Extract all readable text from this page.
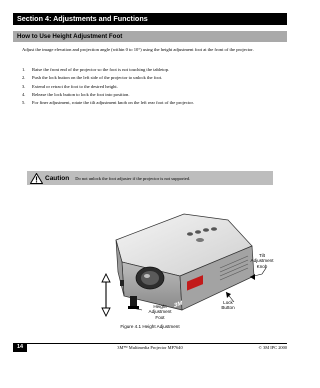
Section 4: Adjustments and Functions
How to Use Height Adjustment Foot
Adjust the image elevation and projection angle (within 0 to 10°) using the height adjustment foot at the front of the projector.
1.	Raise the front end of the projector so the foot is not touching the tabletop.
2.	Push the lock button on the left side of the projector to unlock the foot.
3.	Extend or retract the foot to the desired height.
4.	Release the lock button to lock the foot into position.
5.	For finer adjustment, rotate the tilt adjustment knob on the left rear foot of the projector.
Caution Do not unlock the foot adjuster if the projector is not supported.
3M
Tilt
Adjustment
Knob
Lock
Button
Height
Adjustment
Foot
Figure 4.1 Height Adjustment
14	3M™ Multimedia Projector MP7640	© 3M IPC 2000
